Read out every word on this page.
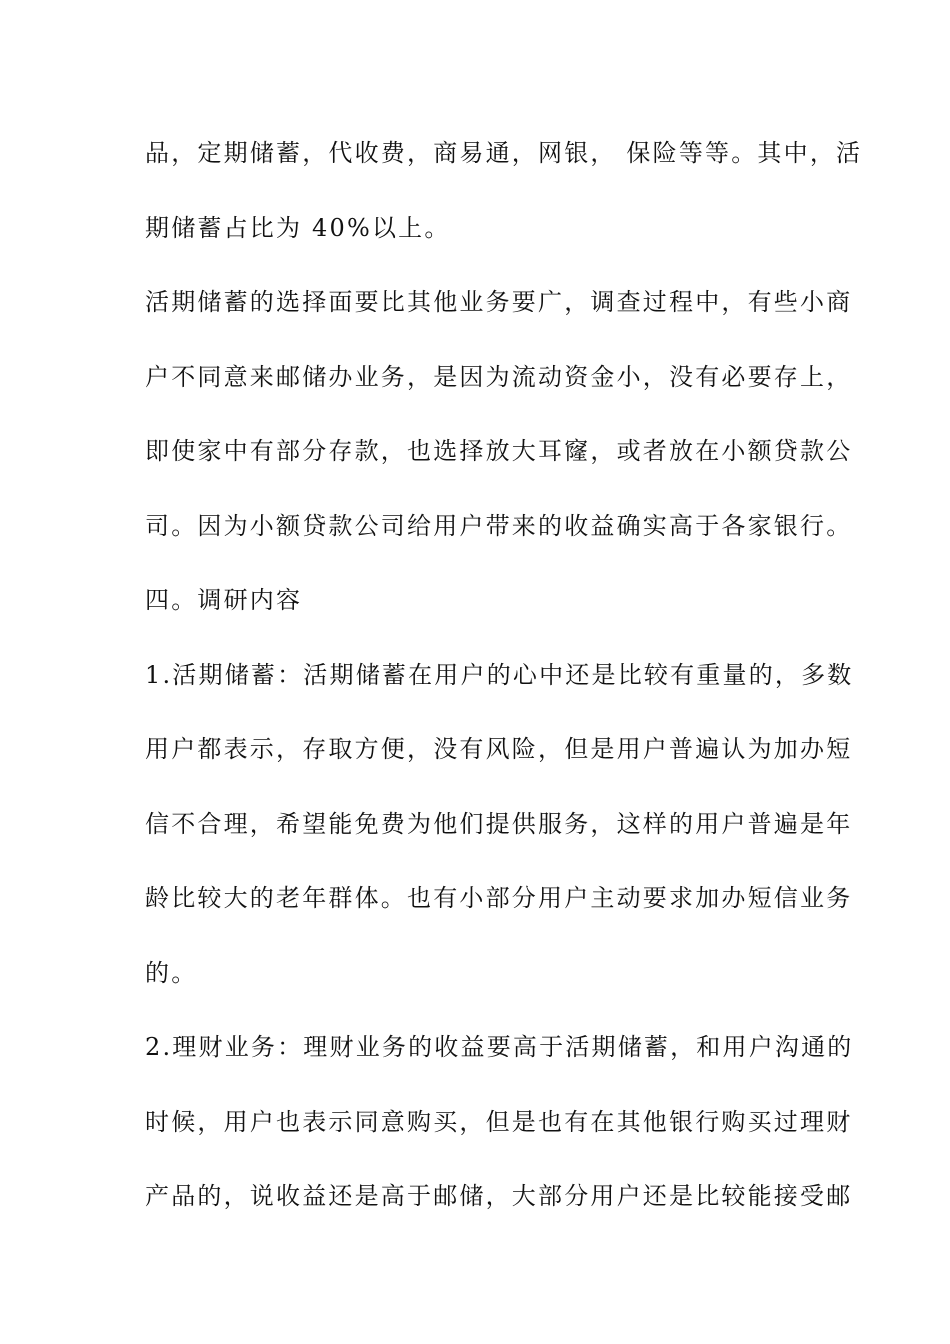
品，定期储蓄，代收费，商易通，网银， 保险等等。其中，活
期储蓄占比为 40%以上。
活期储蓄的选择面要比其他业务要广，调查过程中，有些小商
户不同意来邮储办业务，是因为流动资金小，没有必要存上，
即使家中有部分存款，也选择放大耳窿，或者放在小额贷款公
司。因为小额贷款公司给用户带来的收益确实高于各家银行。
四。调研内容
1.活期储蓄：活期储蓄在用户的心中还是比较有重量的，多数
用户都表示，存取方便，没有风险，但是用户普遍认为加办短
信不合理，希望能免费为他们提供服务，这样的用户普遍是年
龄比较大的老年群体。也有小部分用户主动要求加办短信业务
的。
2.理财业务：理财业务的收益要高于活期储蓄，和用户沟通的
时候，用户也表示同意购买，但是也有在其他银行购买过理财
产品的，说收益还是高于邮储，大部分用户还是比较能接受邮
